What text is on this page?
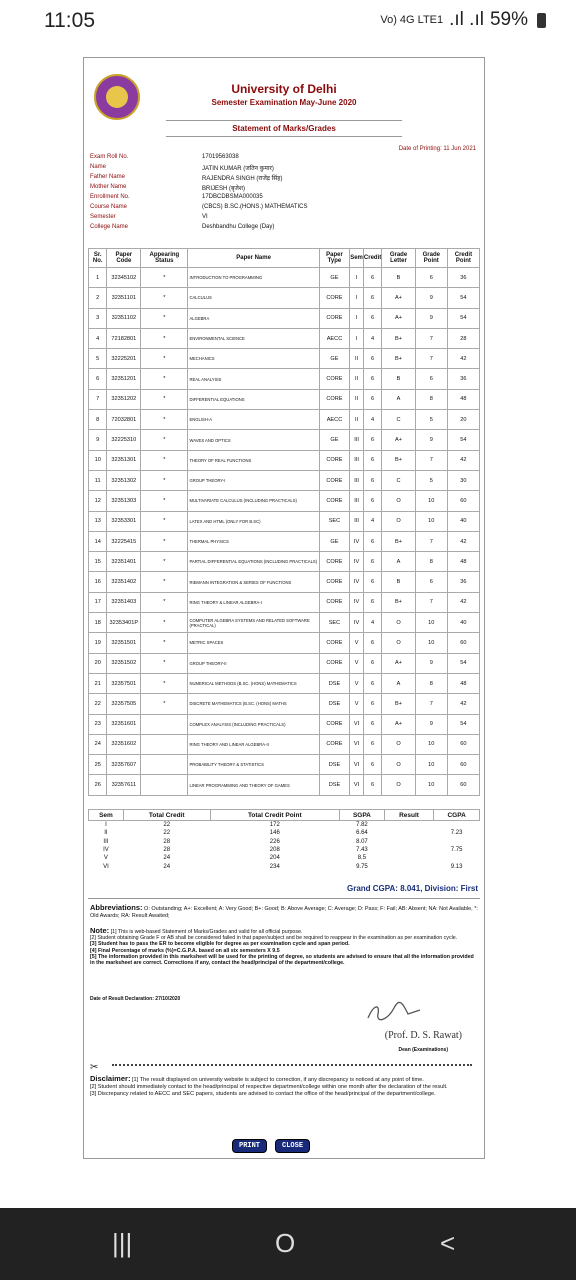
11:05	Vo) 4G LTE1 .ıl .ıl 59%
University of Delhi
Semester Examination May-June 2020
Statement of Marks/Grades
Date of Printing: 11 Jun 2021
Exam Roll No.	17019563038
Name	JATIN KUMAR (जतिन कुमार)
Father Name	RAJENDRA SINGH (राजेंद्र सिंह)
Mother Name	BRIJESH (बृजेश)
Enrollment No.	17DBCDBSMA000035
Course Name	(CBCS) B.SC.(HONS.) MATHEMATICS
Semester	VI
College Name	Deshbandhu College (Day)
Sr. No.	Paper Code	Appearing Status	Paper Name	Paper Type	Sem	Credit	Grade Letter	Grade Point	Credit Point
1	32345102	*	INTRODUCTION TO PROGRAMMING	GE	I	6	B	6	36
2	32351101	*	CALCULUS	CORE	I	6	A+	9	54
3	32351102	*	ALGEBRA	CORE	I	6	A+	9	54
4	72182801	*	ENVIRONMENTAL SCIENCE	AECC	I	4	B+	7	28
5	32225201	*	MECHANICS	GE	II	6	B+	7	42
6	32351201	*	REAL ANALYSIS	CORE	II	6	B	6	36
7	32351202	*	DIFFERENTIAL EQUATIONS	CORE	II	6	A	8	48
8	72032801	*	ENGLISH-A	AECC	II	4	C	5	20
9	32225310	*	WAVES AND OPTICS	GE	III	6	A+	9	54
10	32351301	*	THEORY OF REAL FUNCTIONS	CORE	III	6	B+	7	42
11	32351302	*	GROUP THEORY-I	CORE	III	6	C	5	30
12	32351303	*	MULTIVARIATE CALCULUS (INCLUDING PRACTICALS)	CORE	III	6	O	10	60
13	32353301	*	LATEX AND HTML (ONLY FOR B.SC)	SEC	III	4	O	10	40
14	32225415	*	THERMAL PHYSICS	GE	IV	6	B+	7	42
15	32351401	*	PARTIAL DIFFERENTIAL EQUATIONS (INCLUDING PRACTICALS)	CORE	IV	6	A	8	48
16	32351402	*	RIEMANN INTEGRATION & SERIES OF FUNCTIONS	CORE	IV	6	B	6	36
17	32351403	*	RING THEORY & LINEAR ALGEBRA-I	CORE	IV	6	B+	7	42
18	32353401P	*	COMPUTER ALGEBRA SYSTEMS AND RELATED SOFTWARE (PRACTICAL)	SEC	IV	4	O	10	40
19	32351501	*	METRIC SPACES	CORE	V	6	O	10	60
20	32351502	*	GROUP THEORY-II	CORE	V	6	A+	9	54
21	32357501	*	NUMERICAL METHODS (B.SC. (HONS) MATHEMATICS	DSE	V	6	A	8	48
22	32357505	*	DISCRETE MATHEMATICS (B.SC. (HONS) MATHS	DSE	V	6	B+	7	42
23	32351601		COMPLEX ANALYSIS (INCLUDING PRACTICALS)	CORE	VI	6	A+	9	54
24	32351602		RING THEORY AND LINEAR ALGEBRA-II	CORE	VI	6	O	10	60
25	32357607		PROBABILITY THEORY & STATISTICS	DSE	VI	6	O	10	60
26	32357611		LINEAR PROGRAMMING AND THEORY OF GAMES	DSE	VI	6	O	10	60
Sem	Total Credit	Total Credit Point	SGPA	Result	CGPA
I	22	172	7.82		
II	22	146	6.64		7.23
III	28	226	8.07		
IV	28	208	7.43		7.75
V	24	204	8.5		
VI	24	234	9.75		9.13
Grand CGPA: 8.041, Division: First
Abbreviations: O: Outstanding; A+: Excellent; A: Very Good; B+: Good; B: Above Average; C: Average; D: Pass; F: Fail; AB: Absent; NA: Not Available, *: Old Awards; RA: Result Awaited;
Note: [1] This is web-based Statement of Marks/Grades and valid for all official purpose.
[2] Student obtaining Grade F or AB shall be considered failed in that paper/subject and be required to reappear in the examination as per examination cycle.
[3] Student has to pass the ER to become eligible for degree as per examination cycle and span period.
[4] Final Percentage of marks (%)=C.G.P.A. based on all six semesters X 9.5
[5] The information provided in this marksheet will be used for the printing of degree, so students are advised to ensure that all the information provided in the marksheet are correct. Corrections if any, contact the head/principal of the department/college.

Date of Result Declaration: 27/10/2020
(Prof. D. S. Rawat)
Dean (Examinations)
✂
Disclaimer: [1] The result displayed on university website is subject to correction, if any discrepancy is noticed at any point of time.
[2] Student should immediately contact to the head/principal of respective department/college within one month after the declaration of the result.
[3] Discrepancy related to AECC and SEC papers, students are advised to contact the office of the head/principal of the department/college.

PRINT	CLOSE
|||	O	<
